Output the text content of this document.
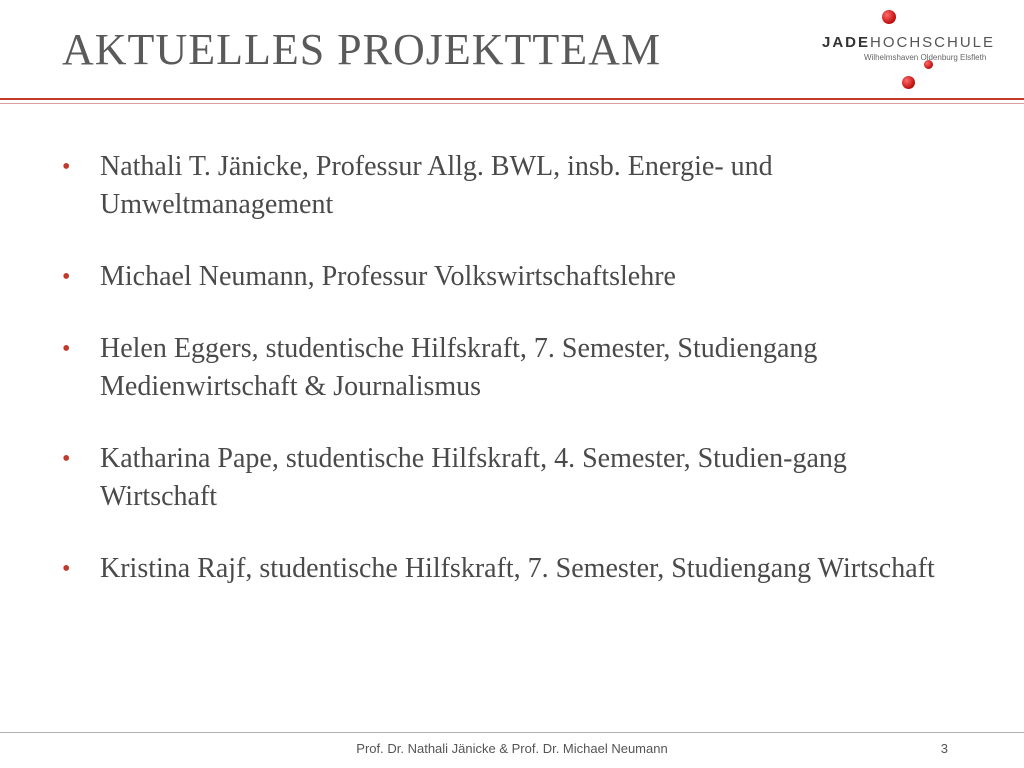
AKTUELLES PROJEKTTEAM	JADEHOCHSCHULE
Wilhelmshaven Oldenburg Elsfleth
• Nathali T. Jänicke, Professur Allg. BWL, insb. Energie- und Umweltmanagement
• Michael Neumann, Professur Volkswirtschaftslehre
• Helen Eggers, studentische Hilfskraft, 7. Semester, Studiengang Medienwirtschaft & Journalismus
• Katharina Pape, studentische Hilfskraft, 4. Semester, Studien-gang Wirtschaft
• Kristina Rajf, studentische Hilfskraft, 7. Semester, Studiengang Wirtschaft
Prof. Dr. Nathali Jänicke & Prof. Dr. Michael Neumann	3
